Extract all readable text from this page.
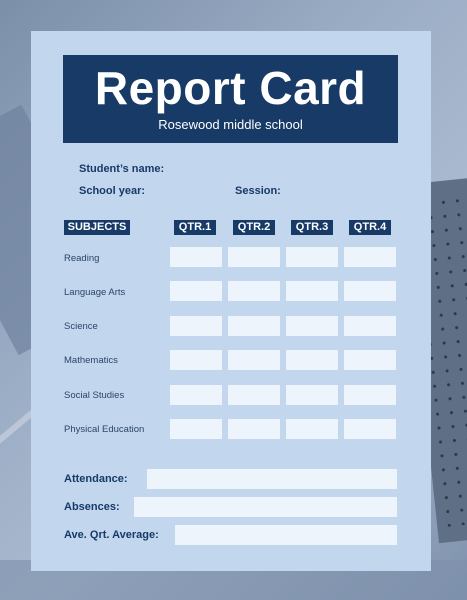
Report Card
Rosewood middle school
Student’s name:
School year:	Session:
SUBJECTS	QTR.1	QTR.2	QTR.3	QTR.4
Reading
Language Arts
Science
Mathematics
Social Studies
Physical Education
Attendance:
Absences:
Ave. Qrt. Average:
